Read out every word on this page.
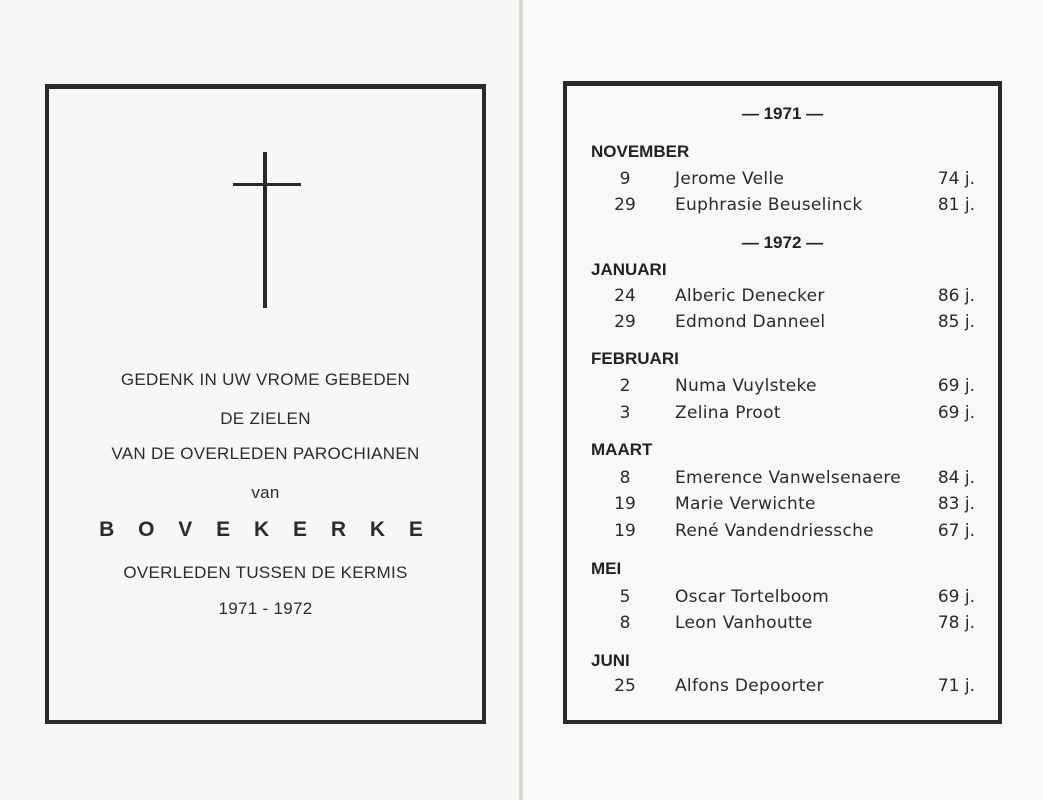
GEDENK IN UW VROME GEBEDEN
DE ZIELEN
VAN DE OVERLEDEN PAROCHIANEN
van
B O V E K E R K E
OVERLEDEN TUSSEN DE KERMIS
1971 - 1972
— 1971 —
NOVEMBER
9	Jerome Velle	74 j.
29	Euphrasie Beuselinck	81 j.
— 1972 —
JANUARI
24	Alberic Denecker	86 j.
29	Edmond Danneel	85 j.
FEBRUARI
2	Numa Vuylsteke	69 j.
3	Zelina Proot	69 j.
MAART
8	Emerence Vanwelsenaere	84 j.
19	Marie Verwichte	83 j.
19	René Vandendriessche	67 j.
MEI
5	Oscar Tortelboom	69 j.
8	Leon Vanhoutte	78 j.
JUNI
25	Alfons Depoorter	71 j.
